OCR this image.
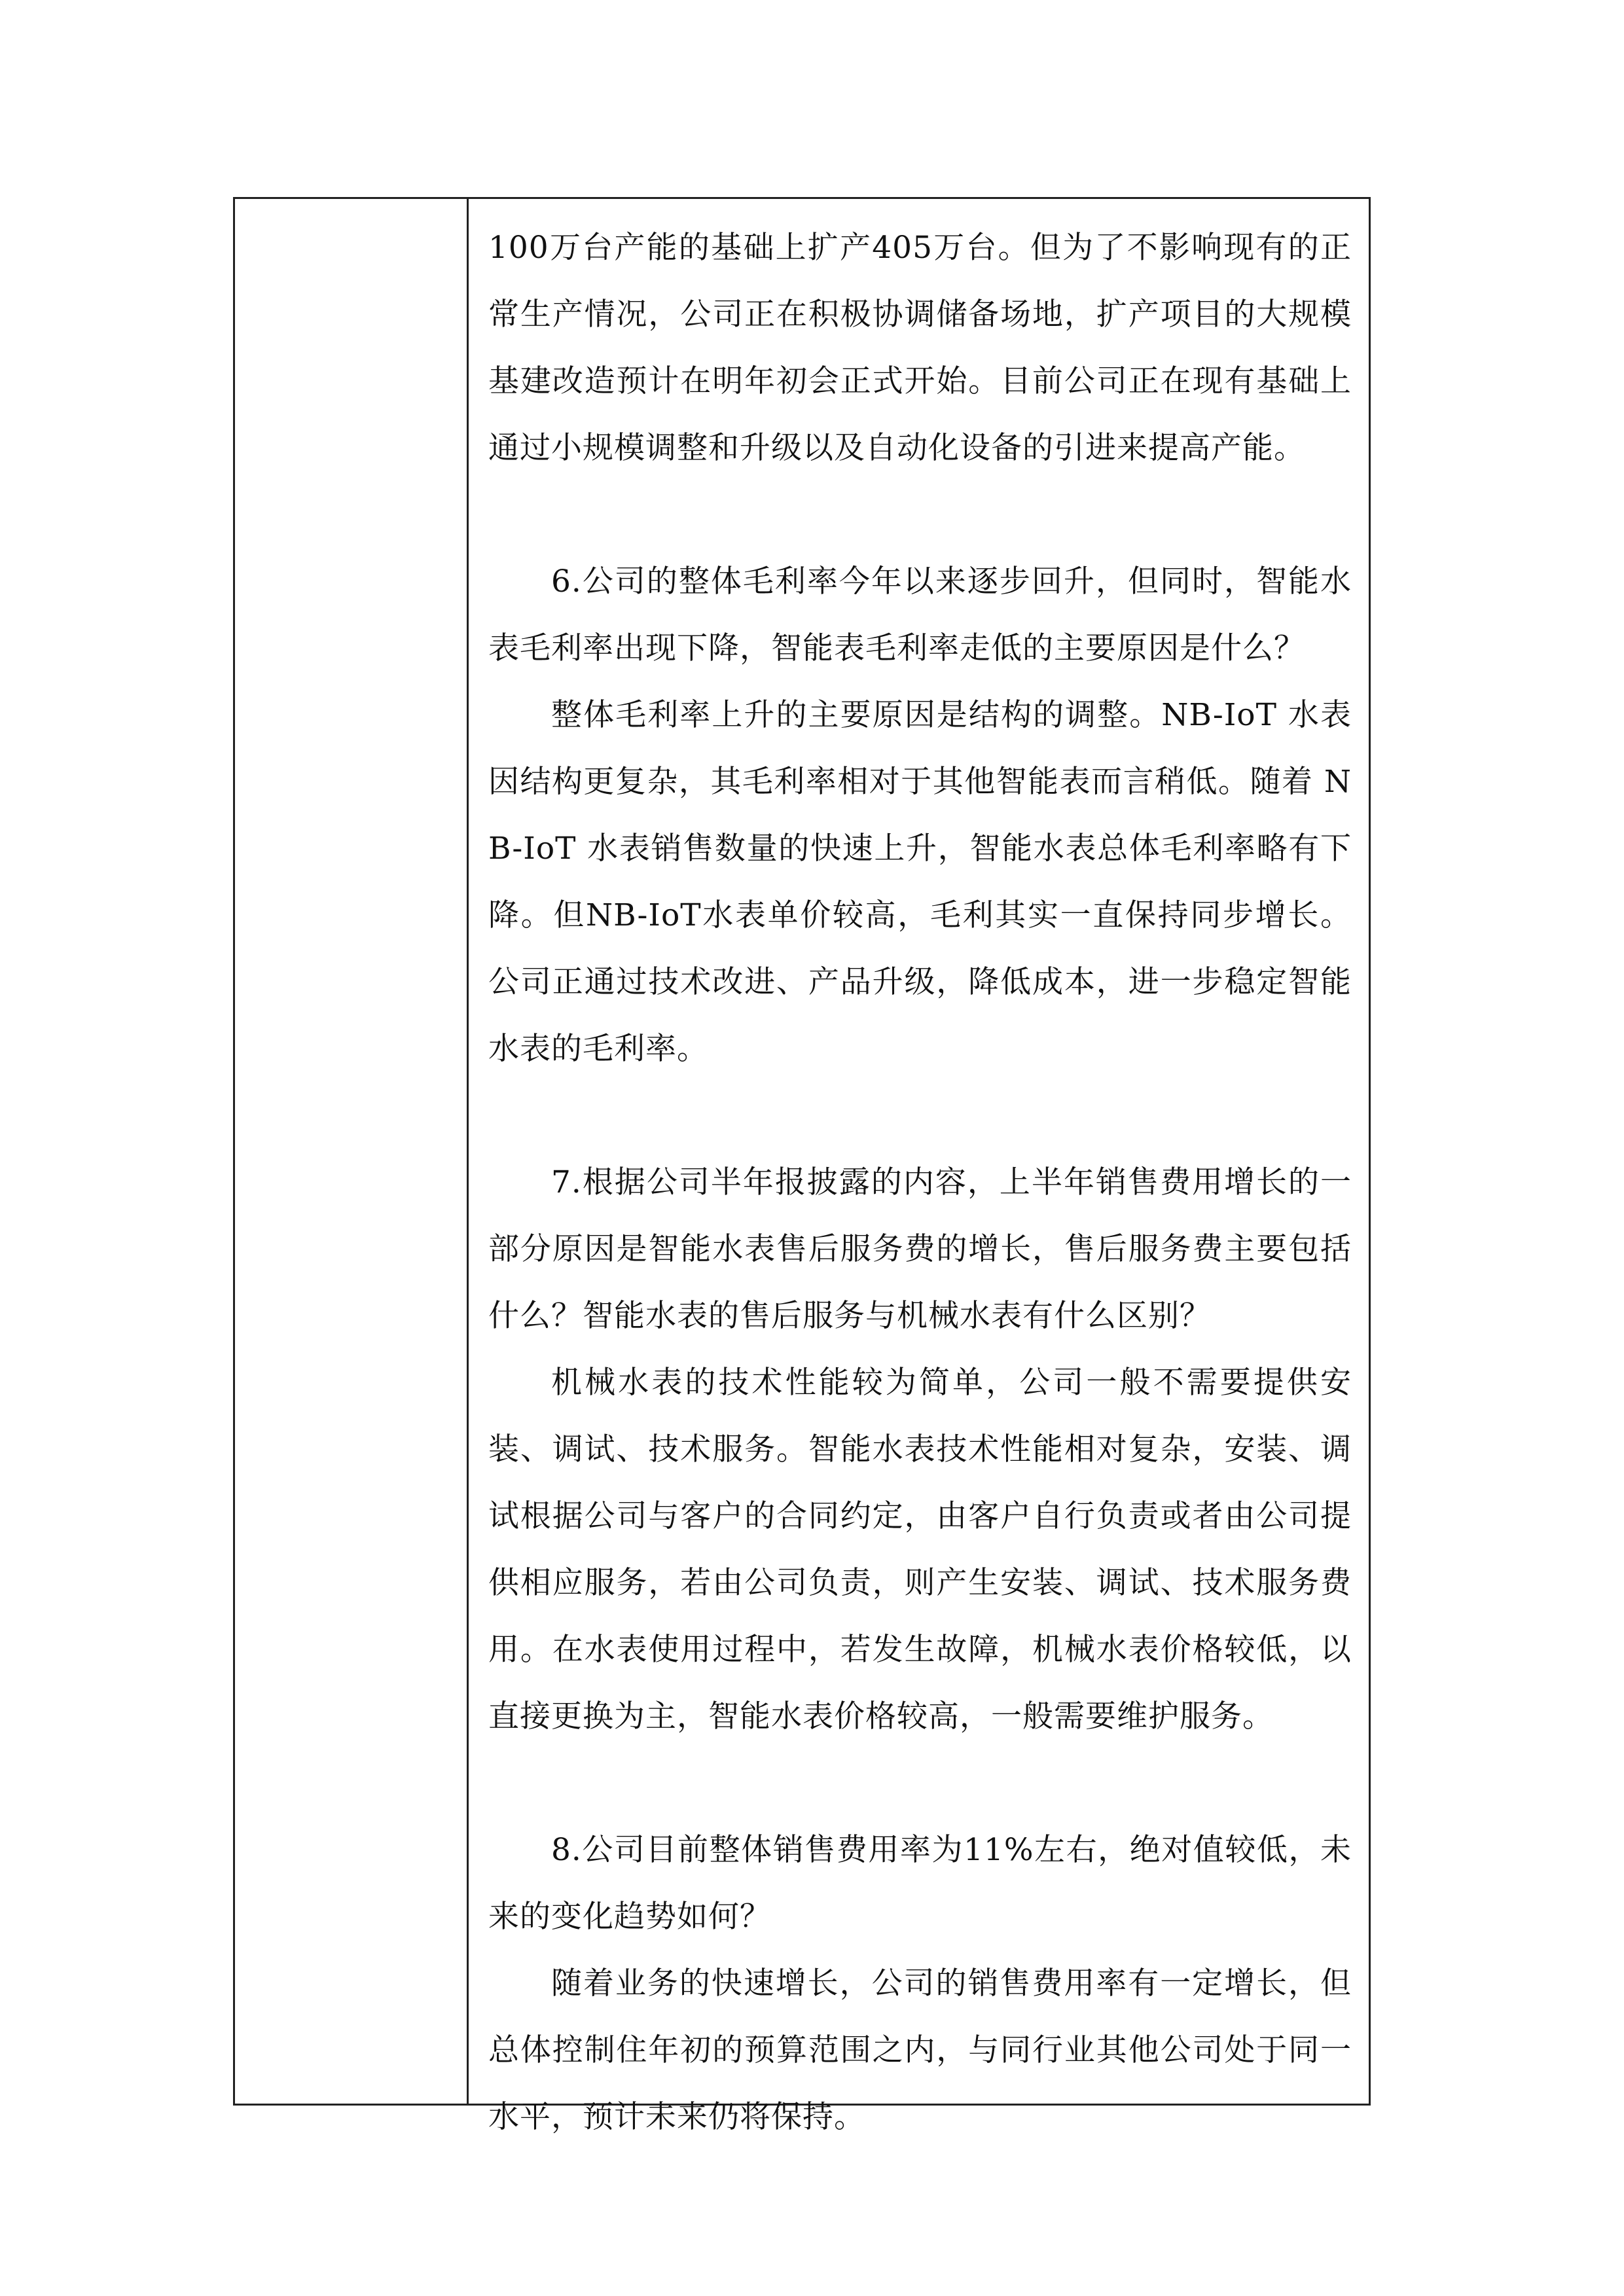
100万台产能的基础上扩产405万台。但为了不影响现有的正常生产情况，公司正在积极协调储备场地，扩产项目的大规模基建改造预计在明年初会正式开始。目前公司正在现有基础上通过小规模调整和升级以及自动化设备的引进来提高产能。

6.公司的整体毛利率今年以来逐步回升，但同时，智能水表毛利率出现下降，智能表毛利率走低的主要原因是什么？

整体毛利率上升的主要原因是结构的调整。NB-IoT 水表因结构更复杂，其毛利率相对于其他智能表而言稍低。随着 NB-IoT 水表销售数量的快速上升，智能水表总体毛利率略有下降。但NB-IoT水表单价较高，毛利其实一直保持同步增长。公司正通过技术改进、产品升级，降低成本，进一步稳定智能水表的毛利率。

7.根据公司半年报披露的内容，上半年销售费用增长的一部分原因是智能水表售后服务费的增长，售后服务费主要包括什么？智能水表的售后服务与机械水表有什么区别？

机械水表的技术性能较为简单，公司一般不需要提供安装、调试、技术服务。智能水表技术性能相对复杂，安装、调试根据公司与客户的合同约定，由客户自行负责或者由公司提供相应服务，若由公司负责，则产生安装、调试、技术服务费用。在水表使用过程中，若发生故障，机械水表价格较低，以直接更换为主，智能水表价格较高，一般需要维护服务。

8.公司目前整体销售费用率为11%左右，绝对值较低，未来的变化趋势如何？

随着业务的快速增长，公司的销售费用率有一定增长，但总体控制住年初的预算范围之内，与同行业其他公司处于同一水平，预计未来仍将保持。
